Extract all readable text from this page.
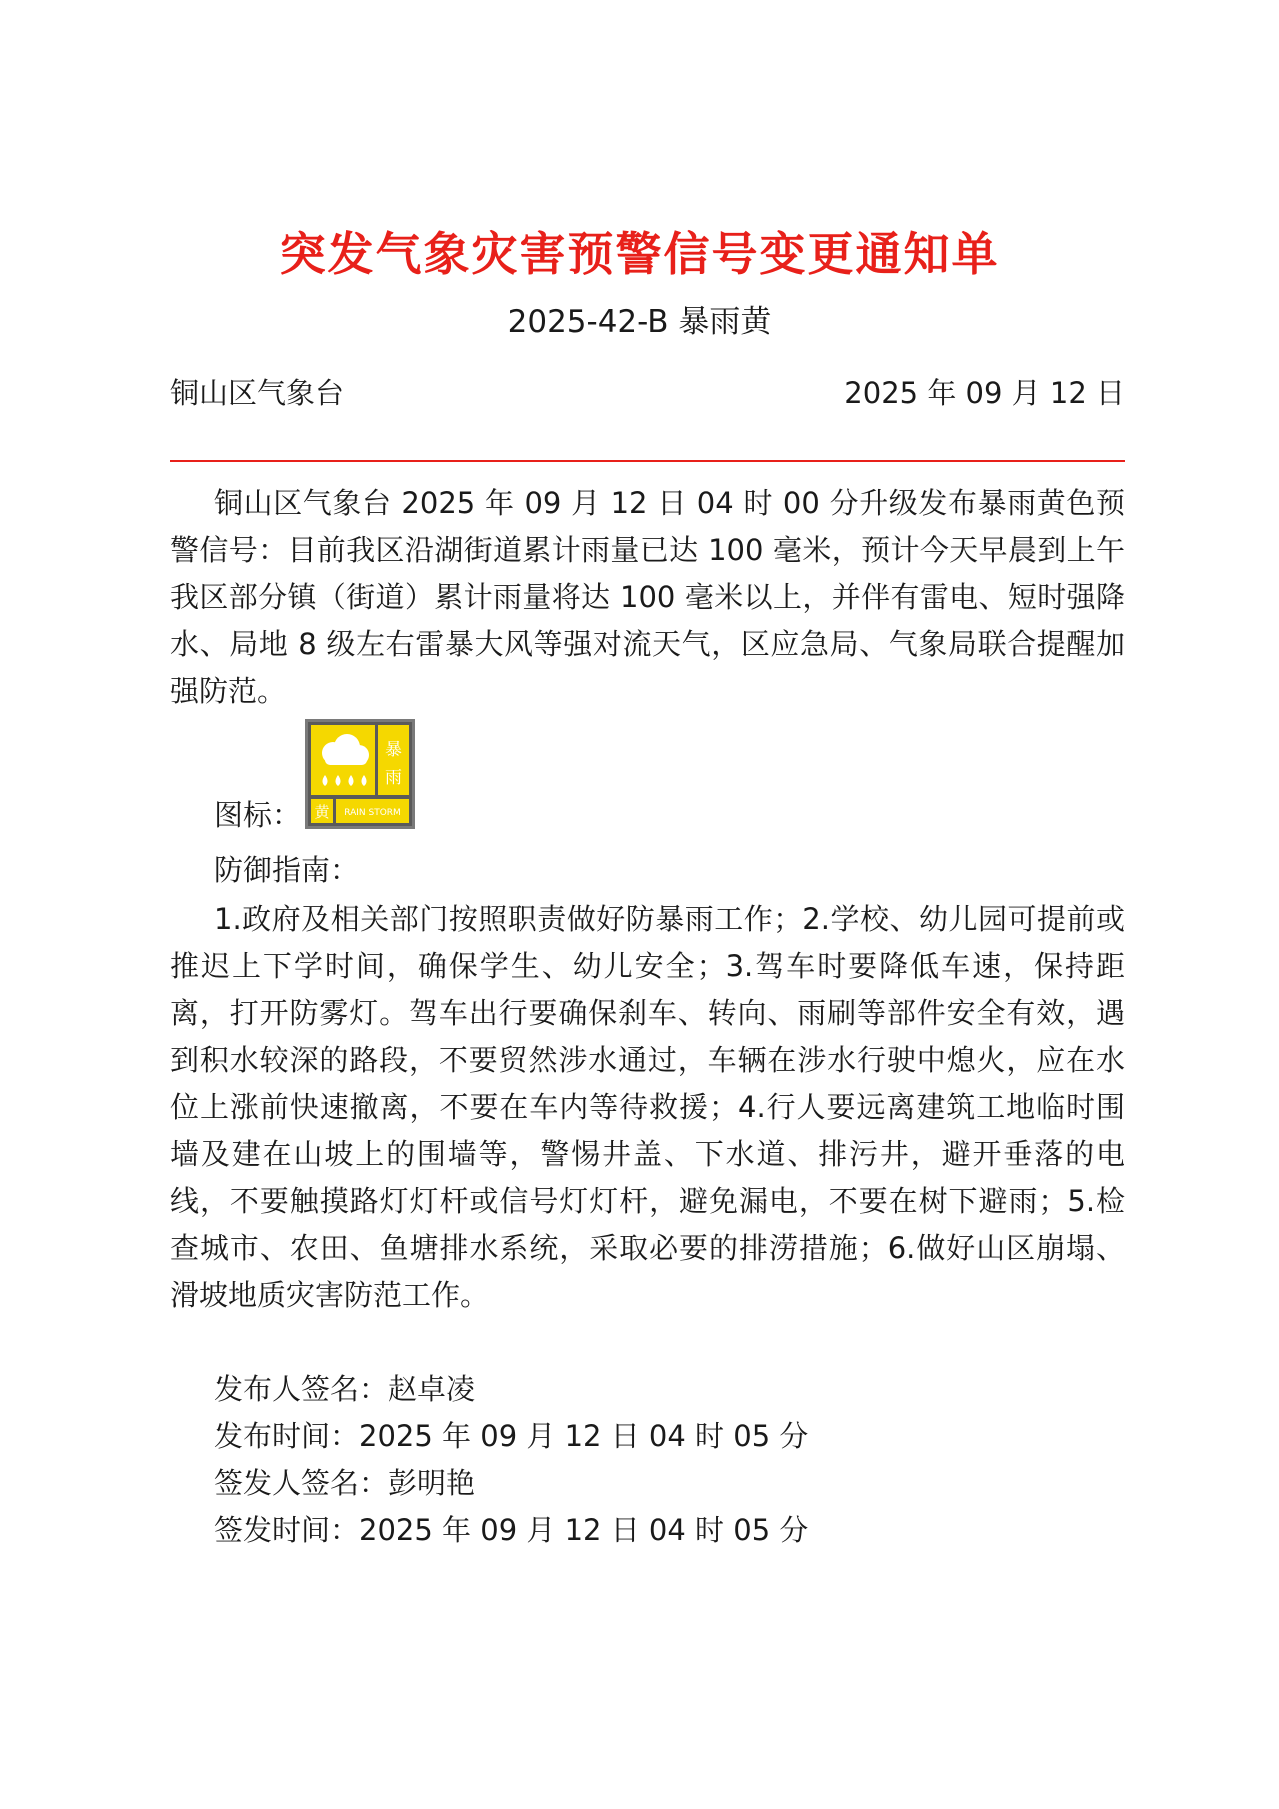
突发气象灾害预警信号变更通知单
2025-42-B 暴雨黄
铜山区气象台	2025 年 09 月 12 日

铜山区气象台 2025 年 09 月 12 日 04 时 00 分升级发布暴雨黄色预警信号：目前我区沿湖街道累计雨量已达 100 毫米，预计今天早晨到上午我区部分镇（街道）累计雨量将达 100 毫米以上，并伴有雷电、短时强降水、局地 8 级左右雷暴大风等强对流天气，区应急局、气象局联合提醒加强防范。

图标：
暴
雨
黄 RAIN STORM
防御指南：

1.政府及相关部门按照职责做好防暴雨工作；2.学校、幼儿园可提前或推迟上下学时间，确保学生、幼儿安全；3.驾车时要降低车速，保持距离，打开防雾灯。驾车出行要确保刹车、转向、雨刷等部件安全有效，遇到积水较深的路段，不要贸然涉水通过，车辆在涉水行驶中熄火，应在水位上涨前快速撤离，不要在车内等待救援；4.行人要远离建筑工地临时围墙及建在山坡上的围墙等，警惕井盖、下水道、排污井，避开垂落的电线，不要触摸路灯灯杆或信号灯灯杆，避免漏电，不要在树下避雨；5.检查城市、农田、鱼塘排水系统，采取必要的排涝措施；6.做好山区崩塌、滑坡地质灾害防范工作。

发布人签名：赵卓凌
发布时间：2025 年 09 月 12 日 04 时 05 分
签发人签名：彭明艳
签发时间：2025 年 09 月 12 日 04 时 05 分
